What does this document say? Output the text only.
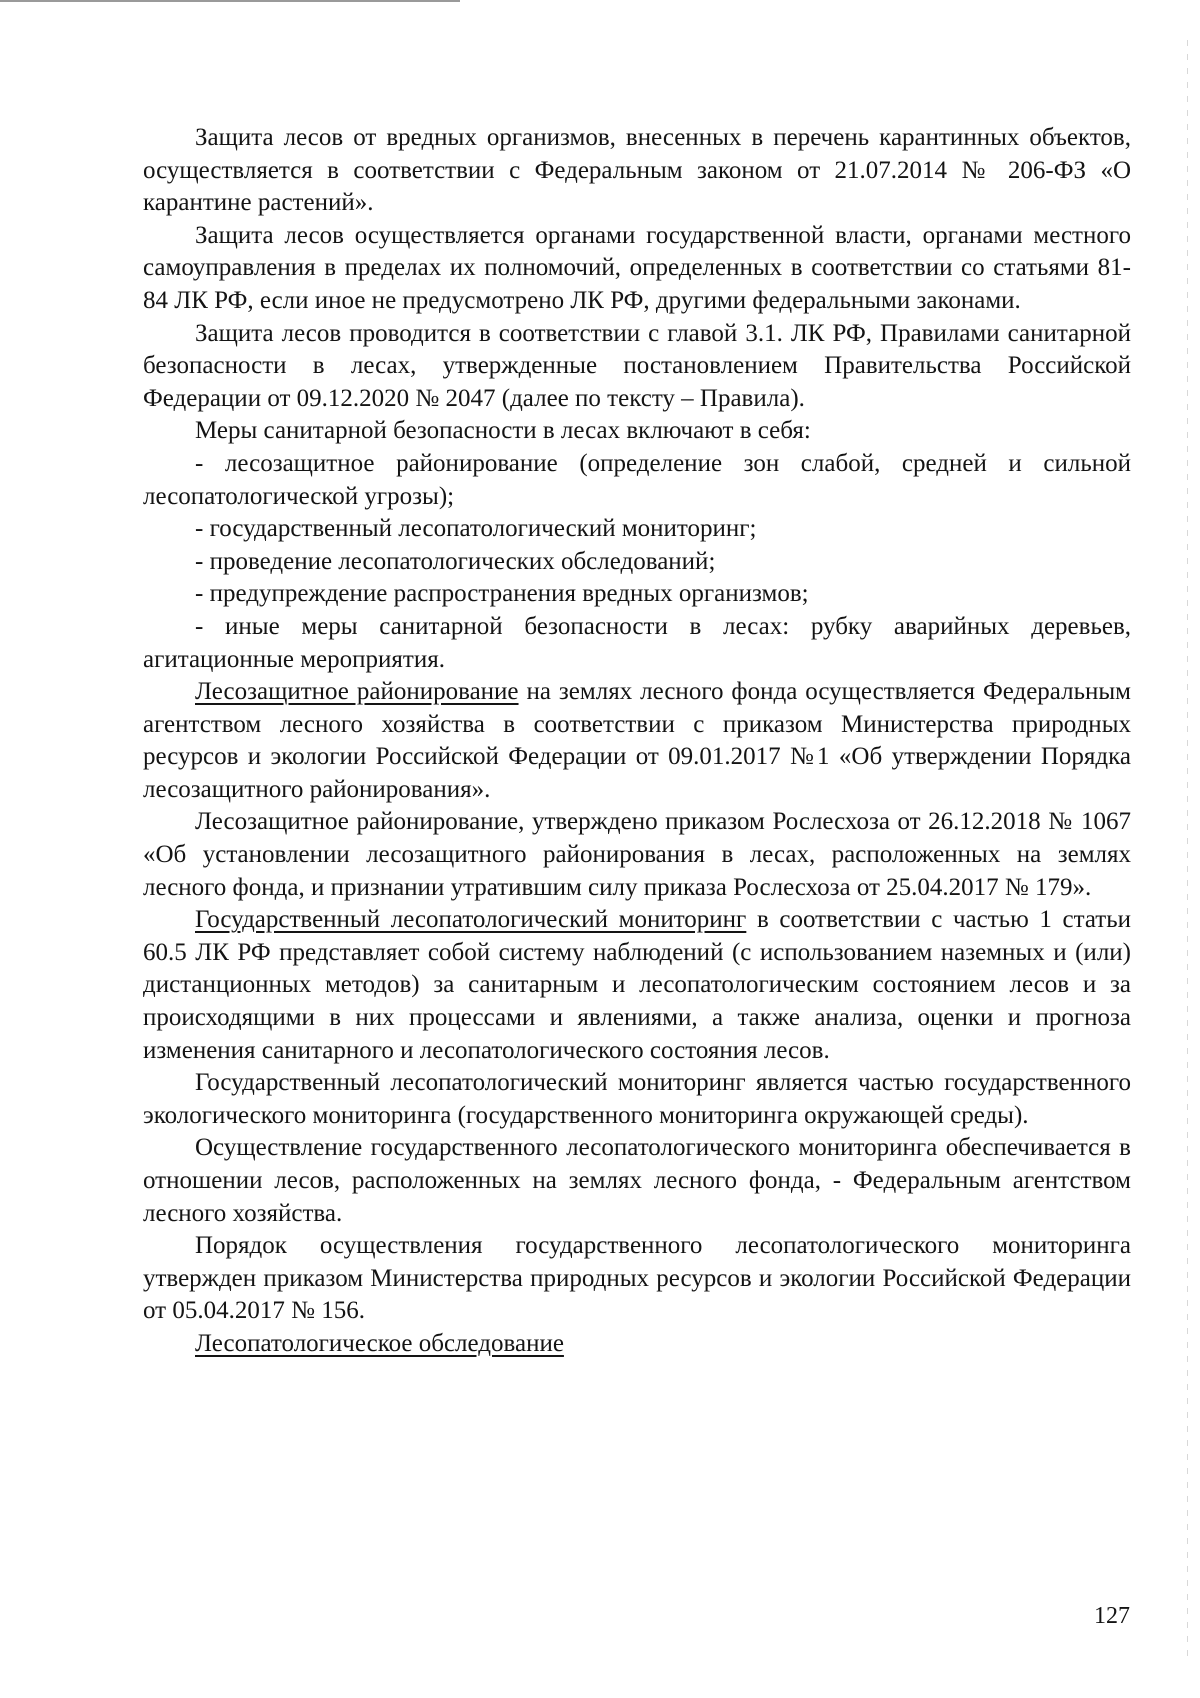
Защита лесов от вредных организмов, внесенных в перечень карантинных объектов, осуществляется в соответствии с Федеральным законом от 21.07.2014 № 206-ФЗ «О карантине растений».

Защита лесов осуществляется органами государственной власти, органами местного самоуправления в пределах их полномочий, определенных в соответствии со статьями 81-84 ЛК РФ, если иное не предусмотрено ЛК РФ, другими федеральными законами.

Защита лесов проводится в соответствии с главой 3.1. ЛК РФ, Правилами санитарной безопасности в лесах, утвержденные постановлением Правительства Российской Федерации от 09.12.2020 № 2047 (далее по тексту – Правила).

Меры санитарной безопасности в лесах включают в себя:

- лесозащитное районирование (определение зон слабой, средней и сильной лесопатологической угрозы);

- государственный лесопатологический мониторинг;

- проведение лесопатологических обследований;

- предупреждение распространения вредных организмов;

- иные меры санитарной безопасности в лесах: рубку аварийных деревьев, агитационные мероприятия.

Лесозащитное районирование на землях лесного фонда осуществляется Федеральным агентством лесного хозяйства в соответствии с приказом Министерства природных ресурсов и экологии Российской Федерации от 09.01.2017 №1 «Об утверждении Порядка лесозащитного районирования».

Лесозащитное районирование, утверждено приказом Рослесхоза от 26.12.2018 № 1067 «Об установлении лесозащитного районирования в лесах, расположенных на землях лесного фонда, и признании утратившим силу приказа Рослесхоза от 25.04.2017 № 179».

Государственный лесопатологический мониторинг в соответствии с частью 1 статьи 60.5 ЛК РФ представляет собой систему наблюдений (с использованием наземных и (или) дистанционных методов) за санитарным и лесопатологическим состоянием лесов и за происходящими в них процессами и явлениями, а также анализа, оценки и прогноза изменения санитарного и лесопатологического состояния лесов.

Государственный лесопатологический мониторинг является частью государственного экологического мониторинга (государственного мониторинга окружающей среды).

Осуществление государственного лесопатологического мониторинга обеспечивается в отношении лесов, расположенных на землях лесного фонда, - Федеральным агентством лесного хозяйства.

Порядок осуществления государственного лесопатологического мониторинга утвержден приказом Министерства природных ресурсов и экологии Российской Федерации от 05.04.2017 № 156.

Лесопатологическое обследование

127
